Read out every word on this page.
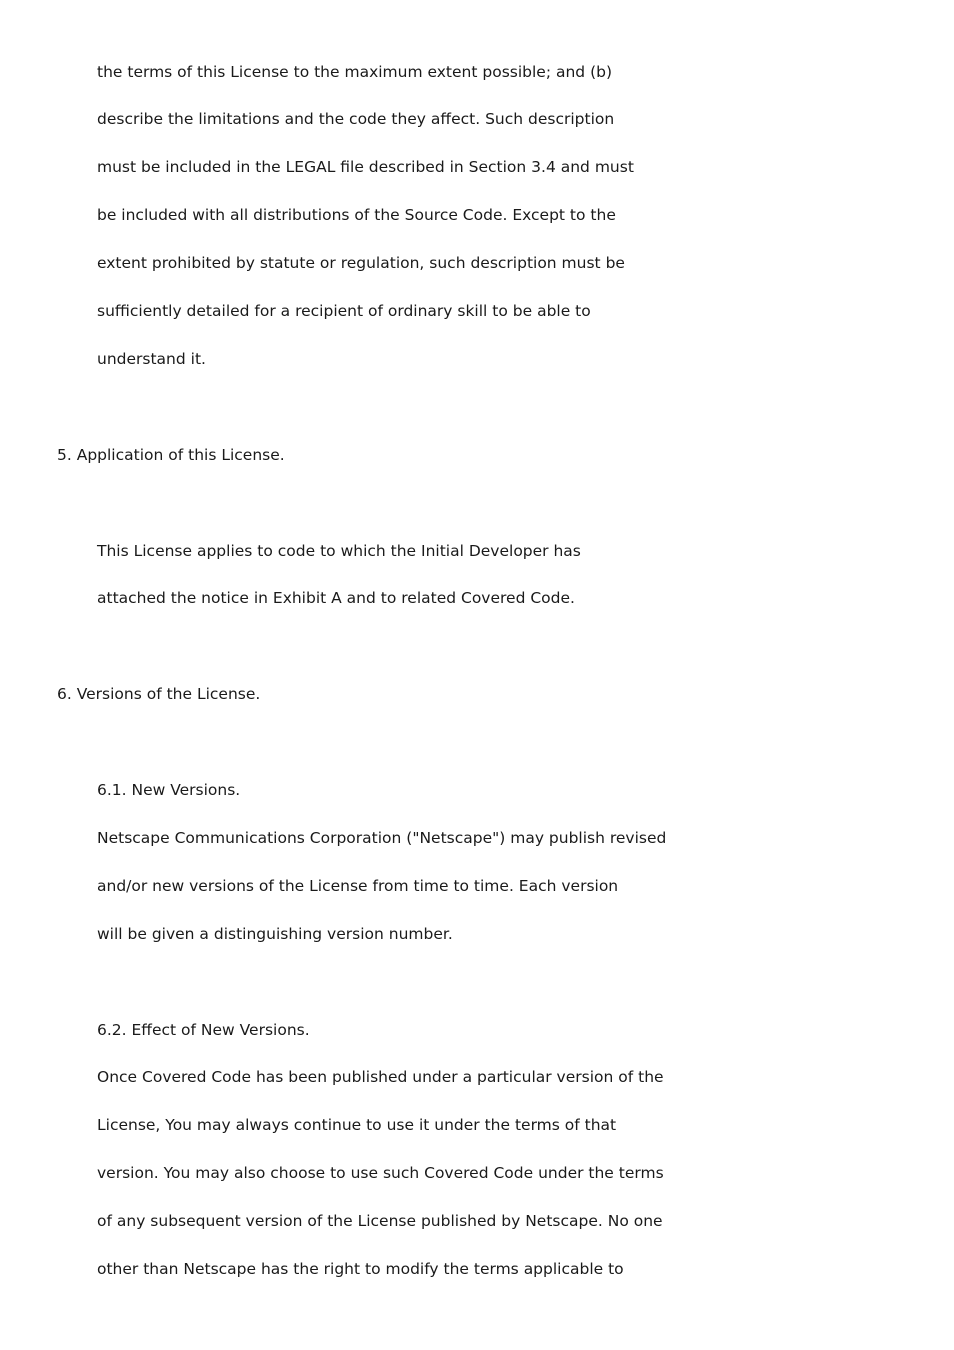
the terms of this License to the maximum extent possible; and (b)

describe the limitations and the code they affect. Such description

must be included in the LEGAL file described in Section 3.4 and must

be included with all distributions of the Source Code. Except to the

extent prohibited by statute or regulation, such description must be

sufficiently detailed for a recipient of ordinary skill to be able to

understand it.

5. Application of this License.

This License applies to code to which the Initial Developer has

attached the notice in Exhibit A and to related Covered Code.

6. Versions of the License.

6.1. New Versions.

Netscape Communications Corporation ("Netscape") may publish revised

and/or new versions of the License from time to time. Each version

will be given a distinguishing version number.

6.2. Effect of New Versions.

Once Covered Code has been published under a particular version of the

License, You may always continue to use it under the terms of that

version. You may also choose to use such Covered Code under the terms

of any subsequent version of the License published by Netscape. No one

other than Netscape has the right to modify the terms applicable to
